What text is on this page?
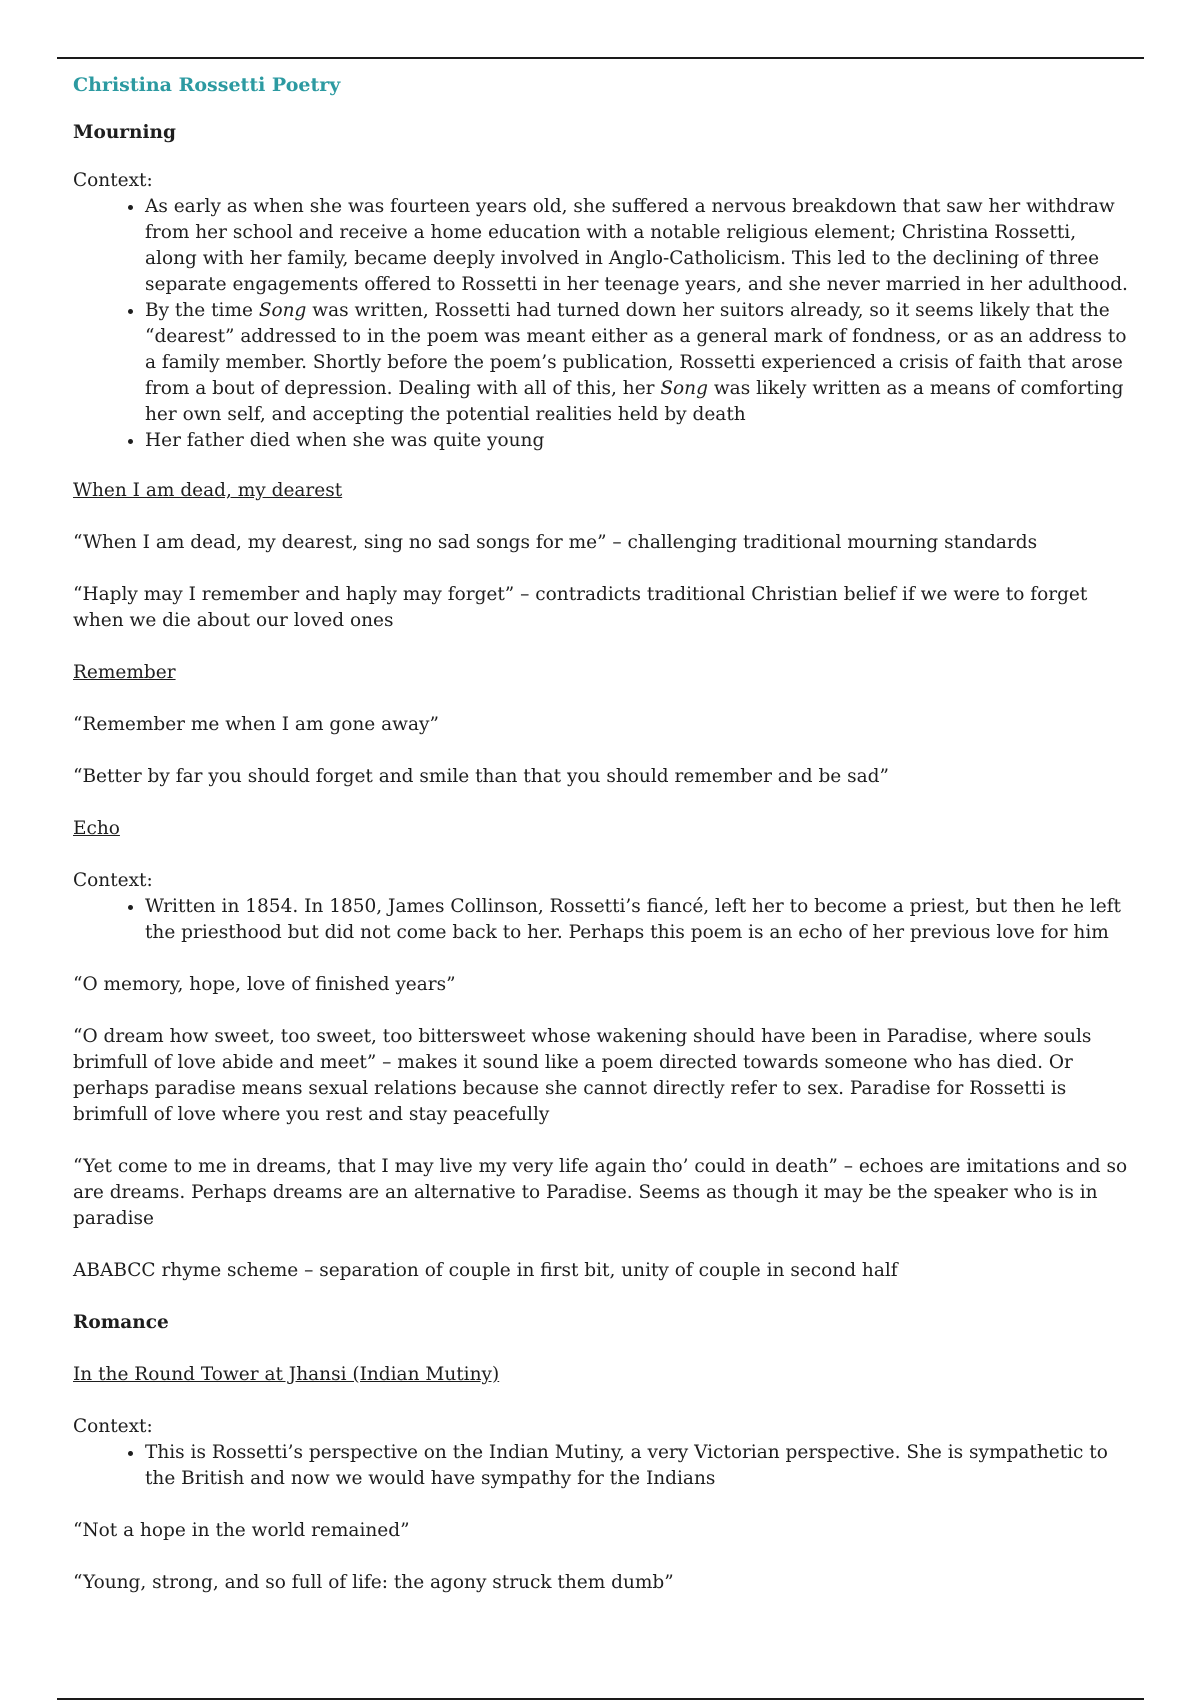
Christina Rossetti Poetry
Mourning
Context:
• As early as when she was fourteen years old, she suffered a nervous breakdown that saw her withdraw from her school and receive a home education with a notable religious element; Christina Rossetti, along with her family, became deeply involved in Anglo-Catholicism. This led to the declining of three separate engagements offered to Rossetti in her teenage years, and she never married in her adulthood.
• By the time Song was written, Rossetti had turned down her suitors already, so it seems likely that the “dearest” addressed to in the poem was meant either as a general mark of fondness, or as an address to a family member. Shortly before the poem’s publication, Rossetti experienced a crisis of faith that arose from a bout of depression. Dealing with all of this, her Song was likely written as a means of comforting her own self, and accepting the potential realities held by death
• Her father died when she was quite young
When I am dead, my dearest

“When I am dead, my dearest, sing no sad songs for me” – challenging traditional mourning standards

“Haply may I remember and haply may forget” – contradicts traditional Christian belief if we were to forget when we die about our loved ones

Remember

“Remember me when I am gone away”

“Better by far you should forget and smile than that you should remember and be sad”

Echo
Context:
• Written in 1854. In 1850, James Collinson, Rossetti’s fiancé, left her to become a priest, but then he left the priesthood but did not come back to her. Perhaps this poem is an echo of her previous love for him

“O memory, hope, love of finished years”

“O dream how sweet, too sweet, too bittersweet whose wakening should have been in Paradise, where souls brimfull of love abide and meet” – makes it sound like a poem directed towards someone who has died. Or perhaps paradise means sexual relations because she cannot directly refer to sex. Paradise for Rossetti is brimfull of love where you rest and stay peacefully

“Yet come to me in dreams, that I may live my very life again tho’ could in death” – echoes are imitations and so are dreams. Perhaps dreams are an alternative to Paradise. Seems as though it may be the speaker who is in paradise

ABABCC rhyme scheme – separation of couple in first bit, unity of couple in second half

Romance
In the Round Tower at Jhansi (Indian Mutiny)
Context:
• This is Rossetti’s perspective on the Indian Mutiny, a very Victorian perspective. She is sympathetic to the British and now we would have sympathy for the Indians

“Not a hope in the world remained”

“Young, strong, and so full of life: the agony struck them dumb”
